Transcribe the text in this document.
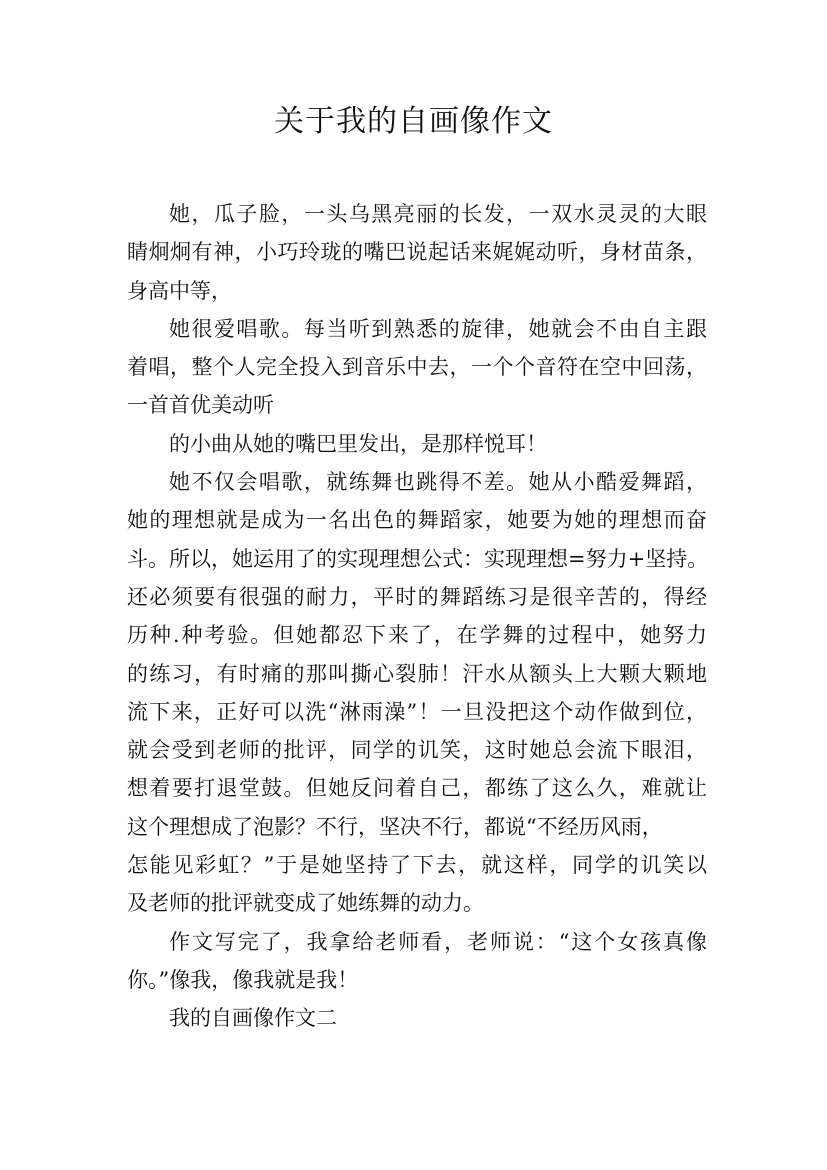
关于我的自画像作文
她，瓜子脸，一头乌黑亮丽的长发，一双水灵灵的大眼
睛炯炯有神，小巧玲珑的嘴巴说起话来娓娓动听，身材苗条，
身高中等，
她很爱唱歌。每当听到熟悉的旋律，她就会不由自主跟
着唱，整个人完全投入到音乐中去，一个个音符在空中回荡，
一首首优美动听
的小曲从她的嘴巴里发出，是那样悦耳！
她不仅会唱歌，就练舞也跳得不差。她从小酷爱舞蹈，
她的理想就是成为一名出色的舞蹈家，她要为她的理想而奋
斗。所以，她运用了的实现理想公式：实现理想=努力+坚持。
还必须要有很强的耐力，平时的舞蹈练习是很辛苦的，得经
历种.种考验。但她都忍下来了，在学舞的过程中，她努力
的练习，有时痛的那叫撕心裂肺！汗水从额头上大颗大颗地
流下来，正好可以洗“淋雨澡”！一旦没把这个动作做到位，
就会受到老师的批评，同学的讥笑，这时她总会流下眼泪，
想着要打退堂鼓。但她反问着自己，都练了这么久，难就让
这个理想成了泡影？不行，坚决不行，都说“不经历风雨，
怎能见彩虹？”于是她坚持了下去，就这样，同学的讥笑以
及老师的批评就变成了她练舞的动力。
作文写完了，我拿给老师看，老师说：“这个女孩真像
你。”像我，像我就是我！
我的自画像作文二
